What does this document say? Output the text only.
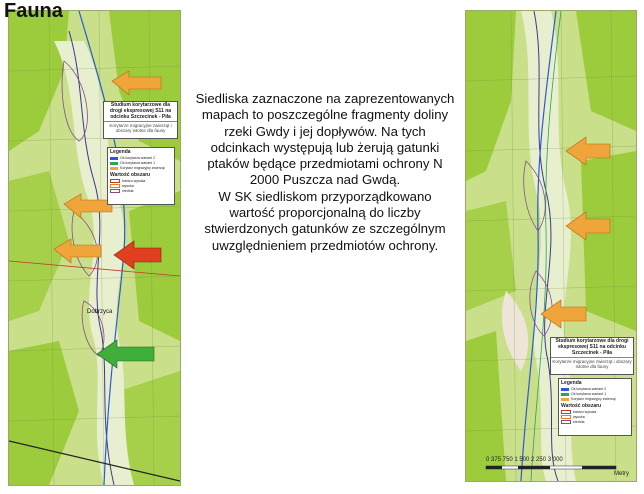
Fauna
Studium korytarzowe dla drogi ekspresowej S11 na odcinku Szczecinek - Piła
Korytarze migracyjne zwierząt i obszary istotne dla fauny
Legenda
Oś korytarza wariant 2
Oś korytarza wariant 1
Korytarz migracyjny zwierząt
Wartość obszaru
bardzo wysoka
wysoka
średnia
Dobrzyca
Siedliska zaznaczone na zaprezentowanych
mapach to poszczególne fragmenty doliny
rzeki Gwdy i jej dopływów. Na tych
odcinkach występują lub żerują gatunki
ptaków będące przedmiotami ochrony N
2000 Puszcza nad Gwdą.
W SK siedliskom przyporządkowano
wartość proporcjonalną do liczby
stwierdzonych gatunków ze szczególnym
uwzględnieniem przedmiotów ochrony.
Studium korytarzowe dla drogi ekspresowej S11 na odcinku Szczecinek - Piła
Korytarze migracyjne zwierząt i obszary istotne dla fauny
Legenda
Oś korytarza wariant 2
Oś korytarza wariant 1
Korytarz migracyjny zwierząt
Wartość obszaru
bardzo wysoka
wysoka
średnia
0 375 750 1 500 2 250 3 000
Metry
